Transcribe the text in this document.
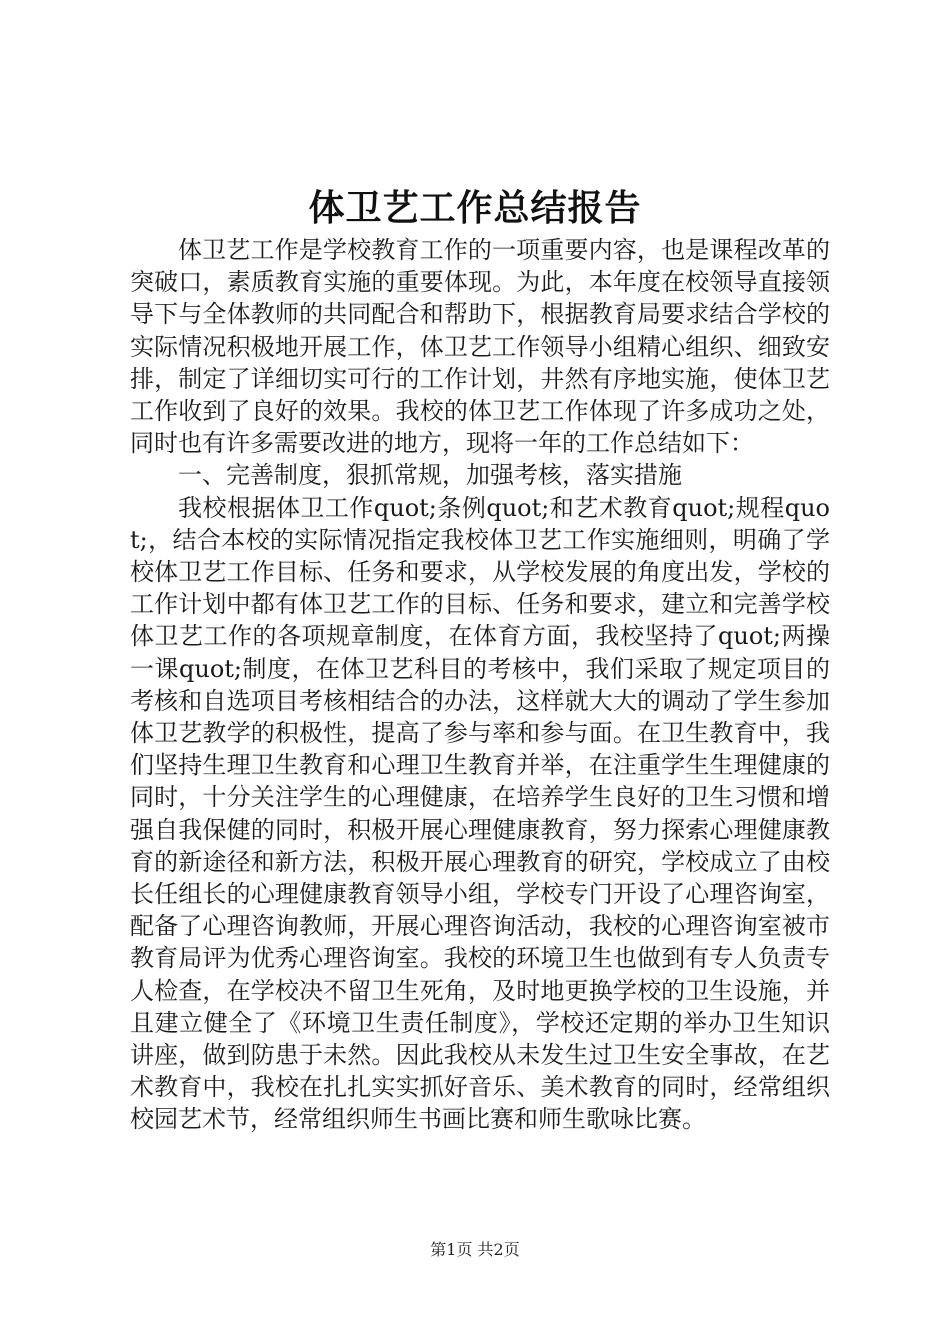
体卫艺工作总结报告

体卫艺工作是学校教育工作的一项重要内容，也是课程改革的突破口，素质教育实施的重要体现。为此，本年度在校领导直接领导下与全体教师的共同配合和帮助下，根据教育局要求结合学校的实际情况积极地开展工作，体卫艺工作领导小组精心组织、细致安排，制定了详细切实可行的工作计划，井然有序地实施，使体卫艺工作收到了良好的效果。我校的体卫艺工作体现了许多成功之处，同时也有许多需要改进的地方，现将一年的工作总结如下：

一、完善制度，狠抓常规，加强考核，落实措施

我校根据体卫工作quot;条例quot;和艺术教育quot;规程quot;，结合本校的实际情况指定我校体卫艺工作实施细则，明确了学校体卫艺工作目标、任务和要求，从学校发展的角度出发，学校的工作计划中都有体卫艺工作的目标、任务和要求，建立和完善学校体卫艺工作的各项规章制度，在体育方面，我校坚持了quot;两操一课quot;制度，在体卫艺科目的考核中，我们采取了规定项目的考核和自选项目考核相结合的办法，这样就大大的调动了学生参加体卫艺教学的积极性，提高了参与率和参与面。在卫生教育中，我们坚持生理卫生教育和心理卫生教育并举，在注重学生生理健康的同时，十分关注学生的心理健康，在培养学生良好的卫生习惯和增强自我保健的同时，积极开展心理健康教育，努力探索心理健康教育的新途径和新方法，积极开展心理教育的研究，学校成立了由校长任组长的心理健康教育领导小组，学校专门开设了心理咨询室，配备了心理咨询教师，开展心理咨询活动，我校的心理咨询室被市教育局评为优秀心理咨询室。我校的环境卫生也做到有专人负责专人检查，在学校决不留卫生死角，及时地更换学校的卫生设施，并且建立健全了《环境卫生责任制度》，学校还定期的举办卫生知识讲座，做到防患于未然。因此我校从未发生过卫生安全事故，在艺术教育中，我校在扎扎实实抓好音乐、美术教育的同时，经常组织校园艺术节，经常组织师生书画比赛和师生歌咏比赛。

第1页 共2页
